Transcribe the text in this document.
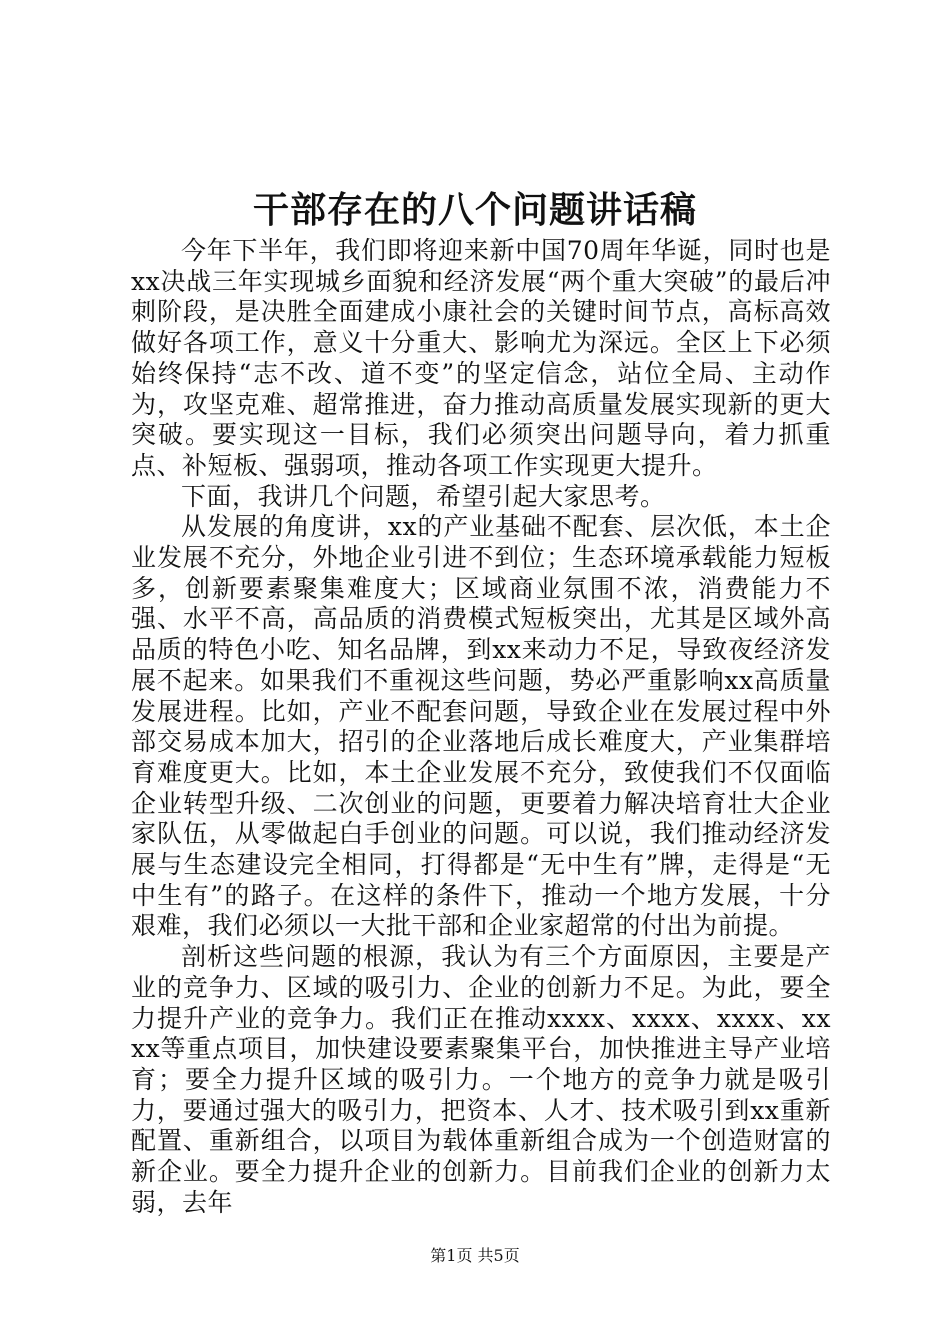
干部存在的八个问题讲话稿

今年下半年，我们即将迎来新中国70周年华诞，同时也是xx决战三年实现城乡面貌和经济发展“两个重大突破”的最后冲刺阶段，是决胜全面建成小康社会的关键时间节点，高标高效做好各项工作，意义十分重大、影响尤为深远。全区上下必须始终保持“志不改、道不变”的坚定信念，站位全局、主动作为，攻坚克难、超常推进，奋力推动高质量发展实现新的更大突破。要实现这一目标，我们必须突出问题导向，着力抓重点、补短板、强弱项，推动各项工作实现更大提升。

下面，我讲几个问题，希望引起大家思考。

从发展的角度讲，xx的产业基础不配套、层次低，本土企业发展不充分，外地企业引进不到位；生态环境承载能力短板多，创新要素聚集难度大；区域商业氛围不浓，消费能力不强、水平不高，高品质的消费模式短板突出，尤其是区域外高品质的特色小吃、知名品牌，到xx来动力不足，导致夜经济发展不起来。如果我们不重视这些问题，势必严重影响xx高质量发展进程。比如，产业不配套问题，导致企业在发展过程中外部交易成本加大，招引的企业落地后成长难度大，产业集群培育难度更大。比如，本土企业发展不充分，致使我们不仅面临企业转型升级、二次创业的问题，更要着力解决培育壮大企业家队伍，从零做起白手创业的问题。可以说，我们推动经济发展与生态建设完全相同，打得都是“无中生有”牌，走得是“无中生有”的路子。在这样的条件下，推动一个地方发展，十分艰难，我们必须以一大批干部和企业家超常的付出为前提。

剖析这些问题的根源，我认为有三个方面原因，主要是产业的竞争力、区域的吸引力、企业的创新力不足。为此，要全力提升产业的竞争力。我们正在推动xxxx、xxxx、xxxx、xxxx等重点项目，加快建设要素聚集平台，加快推进主导产业培育；要全力提升区域的吸引力。一个地方的竞争力就是吸引力，要通过强大的吸引力，把资本、人才、技术吸引到xx重新配置、重新组合，以项目为载体重新组合成为一个创造财富的新企业。要全力提升企业的创新力。目前我们企业的创新力太弱，去年

第1页 共5页
